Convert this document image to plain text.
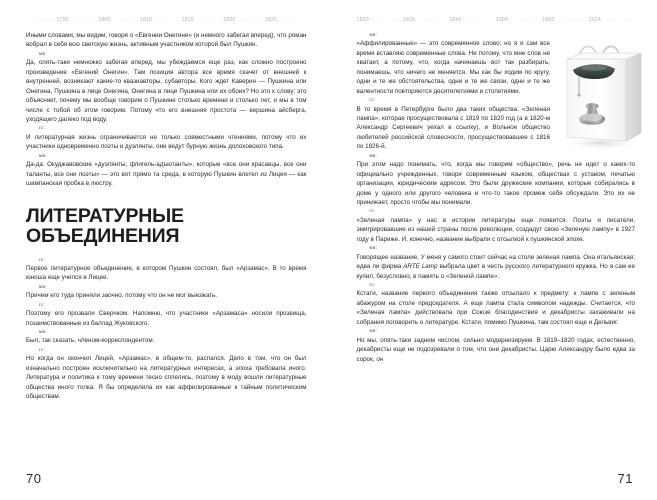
.......... 1799 .......... 1805 .......... 1810 .......... 1815 .......... 1820 .......... 1825 ..........

Иными словами, мы видим, говоря о «Евгении Онегине» (и немного забегая вперед), что роман вобрал в себя всю светскую жизнь, активным участником которой был Пушкин.

мв:

Да, опять-таки немножко забегая вперед, мы убеждаемся еще раз, как сложно построено произведение «Евгений Онегин». Там позиция автора все время скачет от внешней к внутренней, возникают какие-то квазиавторы, субавторы. Кого ждет Каверин — Пушкина или Онегина, Пушкина в лице Онегина, Онегина в лице Пушкина или их обоих? Но это к слову; это объясняет, почему мы вообще говорим о Пушкине столько времени и столько лет, и мы в том числе с тобой об этом говорим. Потому что его внешняя простота — вершина айсберга, уходящего далеко под воду.

гс:

И литературная жизнь ограничивается не только совместными чтениями, потому что их участники одновременно поэты и дуэлянты, они ведут бурную жизнь долоховского типа.

мв:

Да-да. Окуджавовские «дуэлянты, флигель-адъютанты», которые «все они красавцы, все они таланты, все они поэты» — это вот прямо та среда, в которую Пушкин влетел из Лицея — как шампанская пробка в люстру.

ЛИТЕРАТУРНЫЕ
ОБЪЕДИНЕНИЯ

гс:

Первое литературное объединение, в котором Пушкин состоял, был «Арзамас». В то время юноша еще учился в Лицее.

мв:

Причем его туда приняли заочно, потому что он не мог выезжать.

гс:

Поэтому его прозвали Сверчком. Напомню, что участники «Арзамаса» носили прозвища, позаимствованные из баллад Жуковского.

мв:

Был, так сказать, членом-корреспондентом.

гс:

Но когда он окончил Лицей, «Арзамас», в общем-то, распался. Дело в том, что он был изначально построен исключительно на литературных интересах, а эпоха требовала иного. Литература и политика к тому времени тесно сплелись, поэтому в моду вошли литературные общества иного толка. Я бы определила их как аффилированные к тайным политическим обществам.

70
1830 .......... 1835 .......... 1840 .......... 1900 .......... 1950 .......... 2024 ..........

мв:

«Аффилированные» — это современное слово; но я и сам все время вставляю современные слова. Не потому, что мне слов не хватает, а потому, что, когда начинаешь вот так разбирать, понимаешь, что ничего не меняется. Мы как бы ходим по кругу, одни и те же обстоятельства, одни и те же связи, одни и те же валентности повторяются десятилетиями и столетиями.

гс:

В то время в Петербурге было два таких общества: «Зеленая лампа», которая просуществовала с 1819 по 1820 год (а в 1820-м Александр Сергеевич уехал в ссылку), и Вольное общество любителей российской словесности, просуществовавшее с 1816 по 1826-й.

мв:

При этом надо понимать, что, когда мы говорим «общество», речь не идет о каких-то официально учрежденных, говоря современным языком, обществах с уставом, печатью организации, юридическим адресом. Это были дружеские компании, которые собирались в доме у одного или другого человека и что-то такое промеж себя обсуждали. Это их не принижает, просто чтобы мы понимали.

гс:

«Зеленая лампа» у нас в истории литературы еще появится. Поэты и писатели, эмигрировавшие из нашей страны после революции, создадут свою «Зеленую лампу» в 1927 году в Париже. И, конечно, название выбрали с отсылкой к пушкинской эпохе.

мв:

Говорящее название. У меня у самого стоит сейчас на столе зеленая лампа. Она итальянская; едва ли фирма ARTE Lamp выбрала цвет в честь русского литературного кружка. Но я сам ее купил, безусловно, в память о «Зеленой лампе».

гс:

Кстати, название первого объединения также отсылало к предмету: к лампе с зеленым абажуром на столе председателя. А еще лампа стала символом надежды. Считается, что «Зеленая лампа» действовала при Союзе благоденствия и декабристы захаживали на собрания поговорить о литературе. Кстати, помимо Пушкина, там состоял еще и Дельвиг.

мв:

Но мы, опять-таки задним числом, сильно модернизируем. В 1819–1820 годах, естественно, декабристы еще не подозревали о том, что они декабристы. Царю Александру было едва за сорок, он

71
